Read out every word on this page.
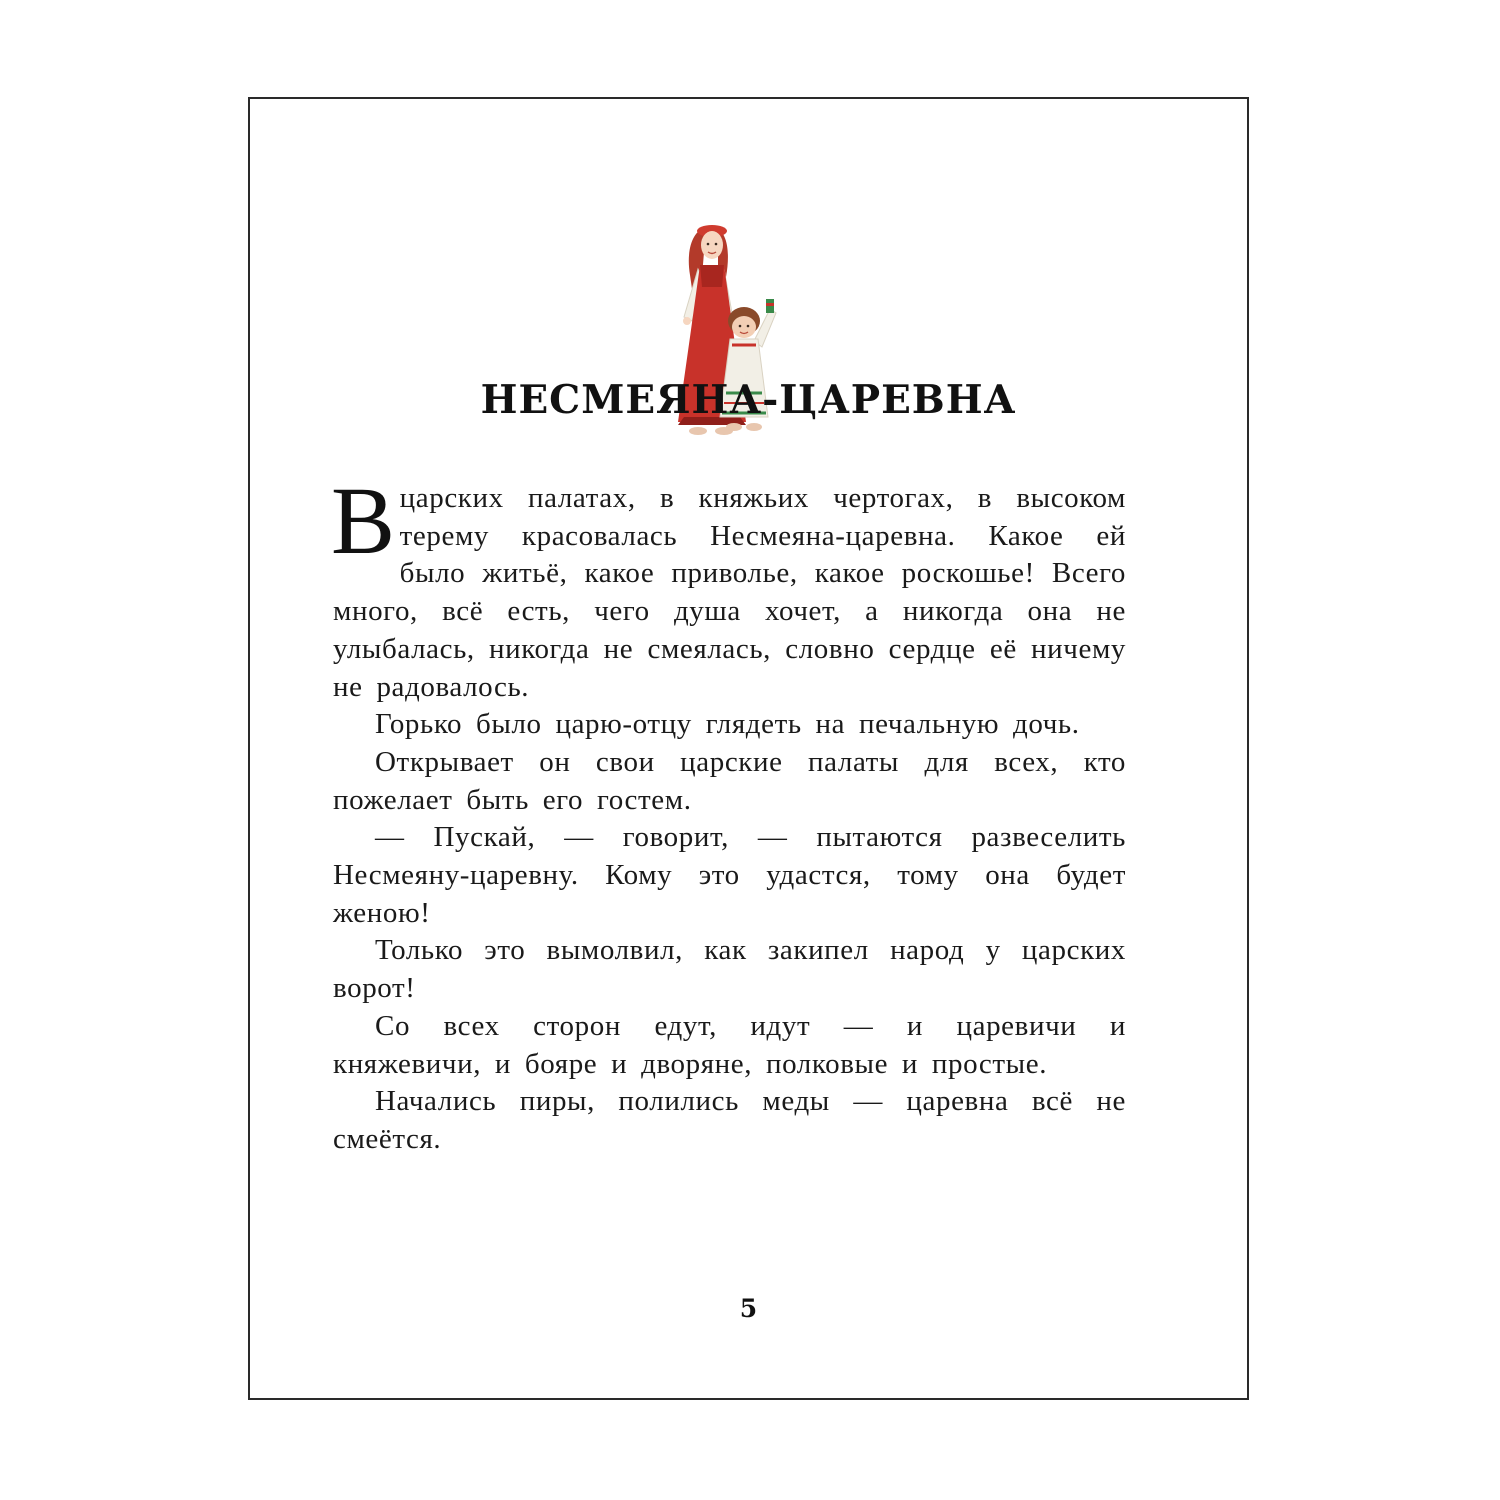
НЕСМЕЯНА-ЦАРЕВНА

Вцарских палатах, в княжьих чертогах, в высоком терему красовалась Несмеяна-царевна. Какое ей было житьё, какое приволье, какое роскошье! Всего много, всё есть, чего душа хочет, а никогда она не улыбалась, никогда не смеялась, словно сердце её ничему не радовалось.

Горько было царю-отцу глядеть на печальную дочь.

Открывает он свои царские палаты для всех, кто пожелает быть его гостем.

— Пускай, — говорит, — пытаются развеселить Несмеяну-царевну. Кому это удастся, тому она будет женою!

Только это вымолвил, как закипел народ у царских ворот!

Со всех сторон едут, идут — и царевичи и княжевичи, и бояре и дворяне, полковые и простые.

Начались пиры, полились меды — царевна всё не смеётся.

5
